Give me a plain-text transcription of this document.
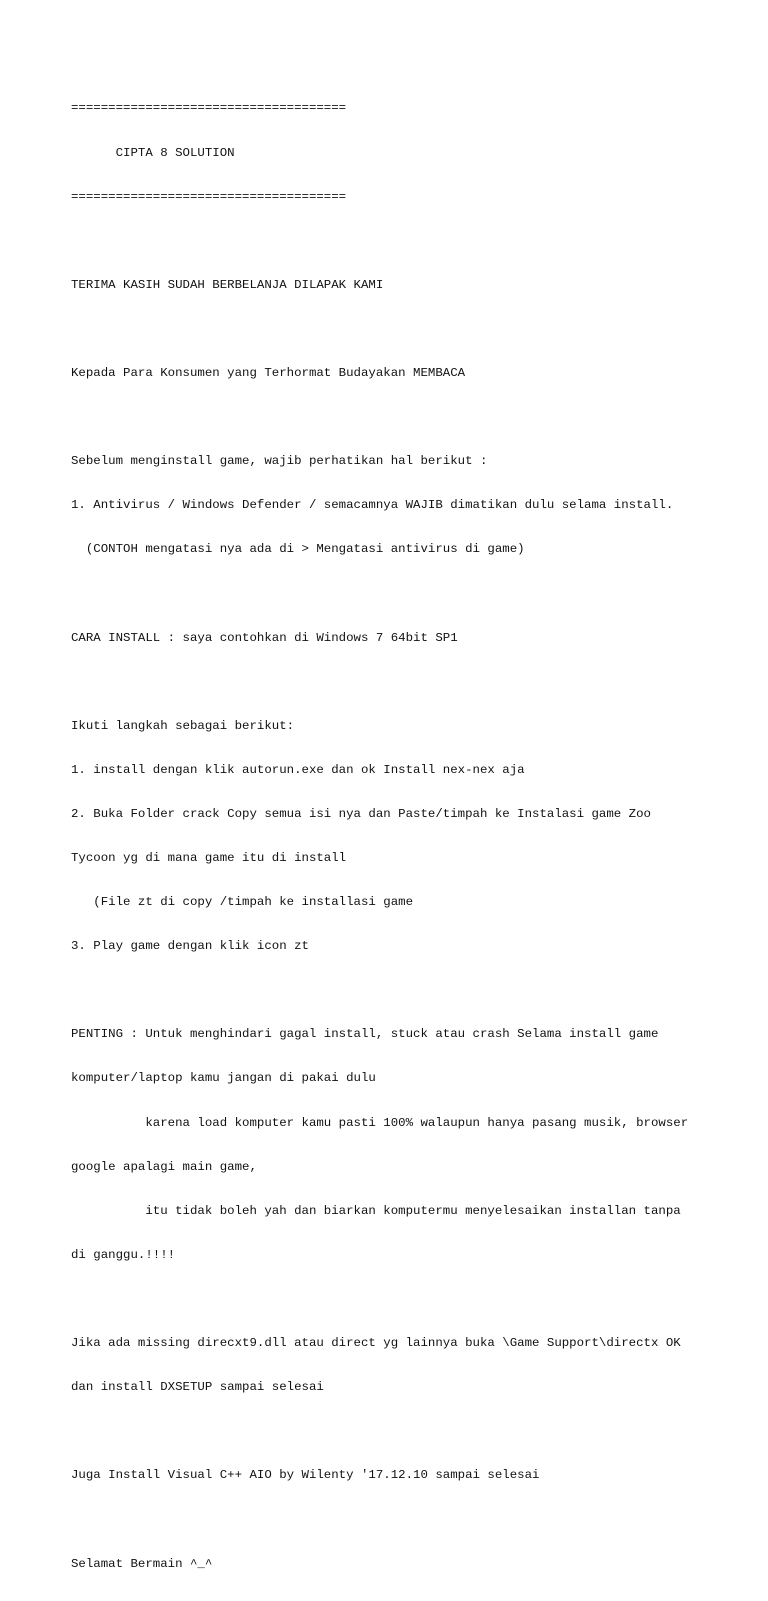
=====================================

CIPTA 8 SOLUTION

=====================================

TERIMA KASIH SUDAH BERBELANJA DILAPAK KAMI

Kepada Para Konsumen yang Terhormat Budayakan MEMBACA

Sebelum menginstall game, wajib perhatikan hal berikut :

1. Antivirus / Windows Defender / semacamnya WAJIB dimatikan dulu selama install.

(CONTOH mengatasi nya ada di > Mengatasi antivirus di game)

CARA INSTALL : saya contohkan di Windows 7 64bit SP1

Ikuti langkah sebagai berikut:

1. install dengan klik autorun.exe dan ok Install nex-nex aja

2. Buka Folder crack Copy semua isi nya dan Paste/timpah ke Instalasi game Zoo

Tycoon yg di mana game itu di install

(File zt di copy /timpah ke installasi game

3. Play game dengan klik icon zt

PENTING : Untuk menghindari gagal install, stuck atau crash Selama install game

komputer/laptop kamu jangan di pakai dulu

karena load komputer kamu pasti 100% walaupun hanya pasang musik, browser

google apalagi main game,

itu tidak boleh yah dan biarkan komputermu menyelesaikan installan tanpa

di ganggu.!!!!

Jika ada missing direcxt9.dll atau direct yg lainnya buka \Game Support\directx OK

dan install DXSETUP sampai selesai

Juga Install Visual C++ AIO by Wilenty '17.12.10 sampai selesai

Selamat Bermain ^_^
